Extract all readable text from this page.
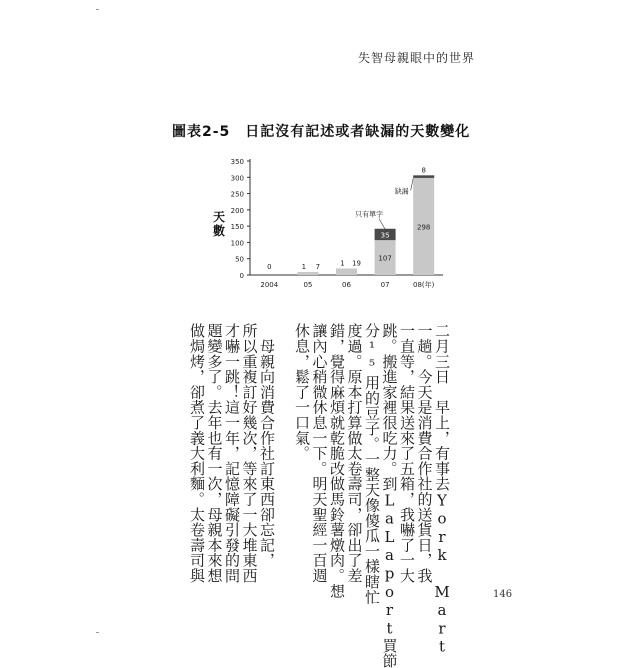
失智母親眼中的世界
圖表2-5　日記沒有記述或者缺漏的天數變化
天數
0
50
100
150
200
250
300
350
2004
0
05
1 7
06
1 19
07
107
35
08(年)
298
8
只有單字
缺漏
二月三日　早上，有事去York Mart
一趟。今天是消費合作社的送貨日，我
一直等，結果送來了五箱，我嚇了一大
跳。搬進家裡很吃力。到LaLaport買節
分¹⁵用的豆子。一整天像傻瓜一樣瞎忙
度過。原本打算做太卷壽司，卻出了差
錯，覺得麻煩就乾脆改做馬鈴薯燉肉。想
讓內心稍微休息一下。明天聖經一百週
休息，鬆了一口氣。
　母親向消費合作社訂東西卻忘記，
所以重複訂好幾次，等來了一大堆東西
才嚇一跳！這一年，記憶障礙引發的問
題變多了。去年也有一次，母親本來想
做焗烤，卻煮了義大利麵。太卷壽司與
146
